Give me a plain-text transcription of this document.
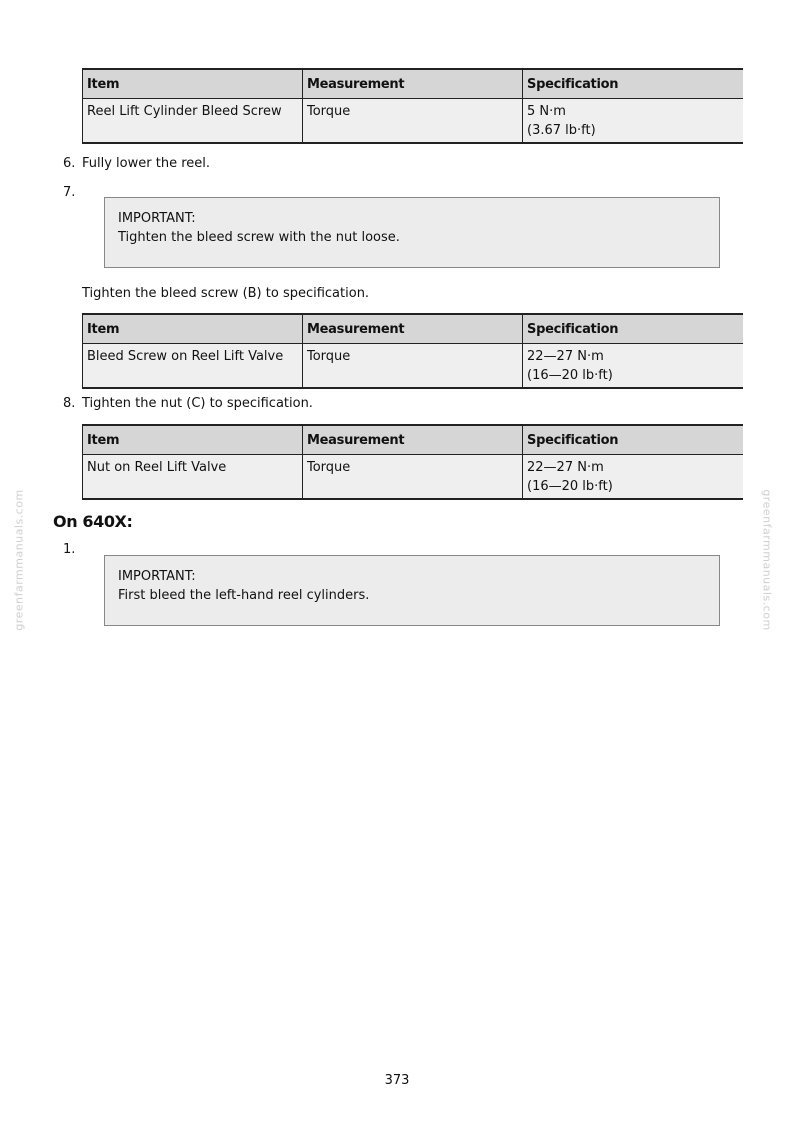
Item	Measurement	Specification
Reel Lift Cylinder Bleed Screw	Torque	5 N·m
(3.67 lb·ft)
6. Fully lower the reel.
7.
IMPORTANT:
Tighten the bleed screw with the nut loose.
Tighten the bleed screw (B) to specification.
Item	Measurement	Specification
Bleed Screw on Reel Lift Valve	Torque	22—27 N·m
(16—20 lb·ft)
8. Tighten the nut (C) to specification.
Item	Measurement	Specification
Nut on Reel Lift Valve	Torque	22—27 N·m
(16—20 lb·ft)
On 640X:
1.
IMPORTANT:
First bleed the left-hand reel cylinders.
greenfarmmanuals.com	greenfarmmanuals.com
373
